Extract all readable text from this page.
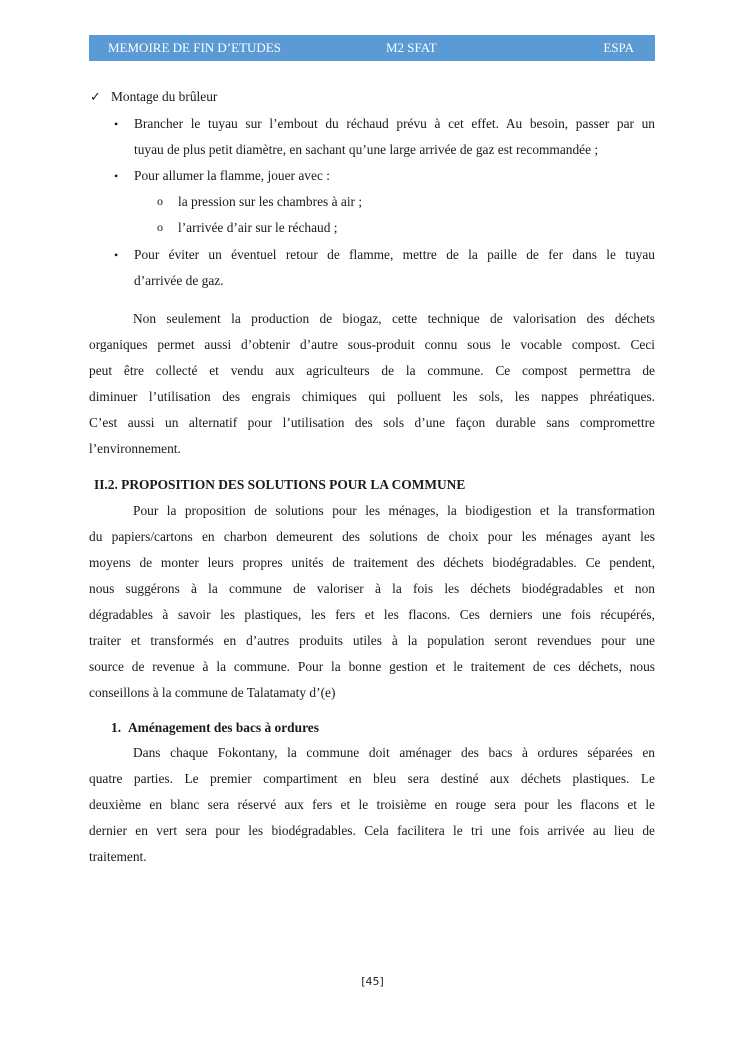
MEMOIRE DE FIN D’ETUDES	M2 SFAT	ESPA
✓ Montage du brûleur
• Brancher le tuyau sur l’embout du réchaud prévu à cet effet. Au besoin, passer par un
tuyau de plus petit diamètre, en sachant qu’une large arrivée de gaz est recommandée ;
• Pour allumer la flamme, jouer avec :
o la pression sur les chambres à air ;
o l’arrivée d’air sur le réchaud ;
• Pour éviter un éventuel retour de flamme, mettre de la paille de fer dans le tuyau
d’arrivée de gaz.
Non seulement la production de biogaz, cette technique de valorisation des déchets
organiques permet aussi d’obtenir d’autre sous-produit connu sous le vocable compost. Ceci
peut être collecté et vendu aux agriculteurs de la commune. Ce compost permettra de
diminuer l’utilisation des engrais chimiques qui polluent les sols, les nappes phréatiques.
C’est aussi un alternatif pour l’utilisation des sols d’une façon durable sans compromettre
l’environnement.
II.2. PROPOSITION DES SOLUTIONS POUR LA COMMUNE
Pour la proposition de solutions pour les ménages, la biodigestion et la transformation
du papiers/cartons en charbon demeurent des solutions de choix pour les ménages ayant les
moyens de monter leurs propres unités de traitement des déchets biodégradables. Ce pendent,
nous suggérons à la commune de valoriser à la fois les déchets biodégradables et non
dégradables à savoir les plastiques, les fers et les flacons. Ces derniers une fois récupérés,
traiter et transformés en d’autres produits utiles à la population seront revendues pour une
source de revenue à la commune. Pour la bonne gestion et le traitement de ces déchets, nous
conseillons à la commune de Talatamaty d’(e)
1. Aménagement des bacs à ordures
Dans chaque Fokontany, la commune doit aménager des bacs à ordures séparées en
quatre parties. Le premier compartiment en bleu sera destiné aux déchets plastiques. Le
deuxième en blanc sera réservé aux fers et le troisième en rouge sera pour les flacons et le
dernier en vert sera pour les biodégradables. Cela facilitera le tri une fois arrivée au lieu de
traitement.
[45]
